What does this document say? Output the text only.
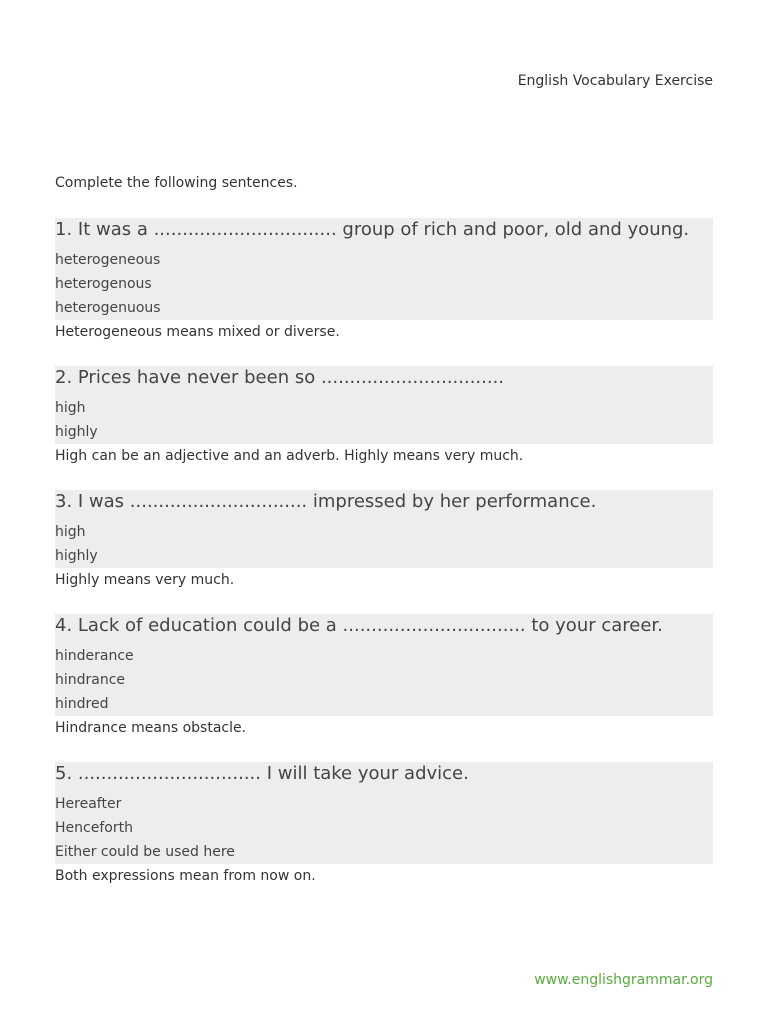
English Vocabulary Exercise
Complete the following sentences.
1. It was a ................................ group of rich and poor, old and young.
heterogeneous
heterogenous
heterogenuous
Heterogeneous means mixed or diverse.
2. Prices have never been so ................................
high
highly
High can be an adjective and an adverb. Highly means very much.
3. I was ............................... impressed by her performance.
high
highly
Highly means very much.
4. Lack of education could be a ................................ to your career.
hinderance
hindrance
hindred
Hindrance means obstacle.
5. ................................ I will take your advice.
Hereafter
Henceforth
Either could be used here
Both expressions mean from now on.
www.englishgrammar.org
